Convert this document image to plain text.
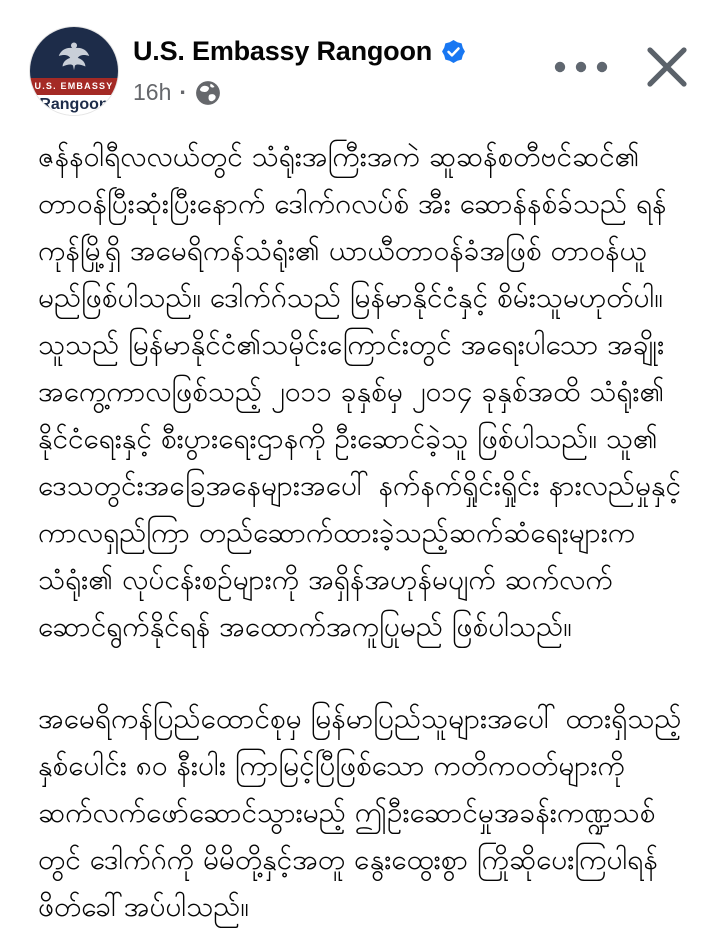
U.S. EMBASSY
Rangoon
U.S. Embassy Rangoon
16h ·

ဇန်နဝါရီလလယ်တွင် သံရုံးအကြီးအကဲ ဆူဆန်စတီဗင်ဆင်၏ တာဝန်ပြီးဆုံးပြီးနောက် ဒေါက်ဂလပ်စ် အီး ဆောန်နစ်ခ်သည် ရန်ကုန်မြို့ရှိ အမေရိကန်သံရုံး၏ ယာယီတာဝန်ခံအဖြစ် တာဝန်ယူမည်ဖြစ်ပါသည်။ ဒေါက်ဂ်သည် မြန်မာနိုင်ငံနှင့် စိမ်းသူမဟုတ်ပါ။ သူသည် မြန်မာနိုင်ငံ၏သမိုင်းကြောင်းတွင် အရေးပါသော အချိုးအကွေ့ကာလဖြစ်သည့် ၂၀၁၁ ခုနှစ်မှ ၂၀၁၄ ခုနှစ်အထိ သံရုံး၏ နိုင်ငံရေးနှင့် စီးပွားရေးဌာနကို ဦးဆောင်ခဲ့သူ ဖြစ်ပါသည်။ သူ၏ ဒေသတွင်းအခြေအနေများအပေါ် နက်နက်ရှိုင်းရှိုင်း နားလည်မှုနှင့် ကာလရှည်ကြာ တည်ဆောက်ထားခဲ့သည့်ဆက်ဆံရေးများက သံရုံး၏ လုပ်ငန်းစဉ်များကို အရှိန်အဟုန်မပျက် ဆက်လက်ဆောင်ရွက်နိုင်ရန် အထောက်အကူပြုမည် ဖြစ်ပါသည်။

အမေရိကန်ပြည်ထောင်စုမှ မြန်မာပြည်သူများအပေါ် ထားရှိသည့် နှစ်ပေါင်း ၈၀ နီးပါး ကြာမြင့်ပြီဖြစ်သော ကတိကဝတ်များကို ဆက်လက်ဖော်ဆောင်သွားမည့် ဤဦးဆောင်မှုအခန်းကဏ္ဍသစ်တွင် ဒေါက်ဂ်ကို မိမိတို့နှင့်အတူ နွေးထွေးစွာ ကြိုဆိုပေးကြပါရန် ဖိတ်ခေါ်အပ်ပါသည်။
